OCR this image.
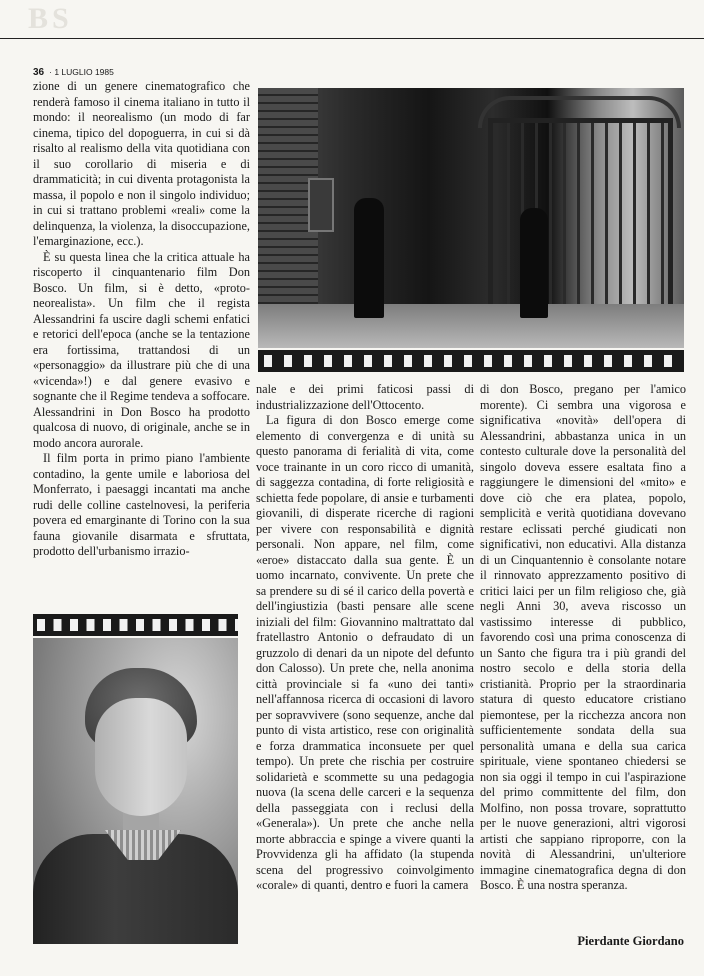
BS
36 · 1 LUGLIO 1985

zione di un genere cinematografico che renderà famoso il cinema italiano in tutto il mondo: il neorealismo (un modo di far cinema, tipico del dopoguerra, in cui si dà risalto al realismo della vita quotidiana con il suo corollario di miseria e di drammaticità; in cui diventa protagonista la massa, il popolo e non il singolo individuo; in cui si trattano problemi «reali» come la delinquenza, la violenza, la disoccupazione, l'emarginazione, ecc.).

È su questa linea che la critica attuale ha riscoperto il cinquantenario film Don Bosco. Un film, si è detto, «proto-neorealista». Un film che il regista Alessandrini fa uscire dagli schemi enfatici e retorici dell'epoca (anche se la tentazione era fortissima, trattandosi di un «personaggio» da illustrare più che di una «vicenda»!) e dal genere evasivo e sognante che il Regime tendeva a soffocare. Alessandrini in Don Bosco ha prodotto qualcosa di nuovo, di originale, anche se in modo ancora aurorale.

Il film porta in primo piano l'ambiente contadino, la gente umile e laboriosa del Monferrato, i paesaggi incantati ma anche rudi delle colline castelnovesi, la periferia povera ed emarginante di Torino con la sua fauna giovanile disarmata e sfruttata, prodotto dell'urbanismo irrazio-

nale e dei primi faticosi passi di industrializzazione dell'Ottocento.

La figura di don Bosco emerge come elemento di convergenza e di unità su questo panorama di ferialità di vita, come voce trainante in un coro ricco di umanità, di saggezza contadina, di forte religiosità e schietta fede popolare, di ansie e turbamenti giovanili, di disperate ricerche di ragioni per vivere con responsabilità e dignità personali. Non appare, nel film, come «eroe» distaccato dalla sua gente. È un uomo incarnato, convivente. Un prete che sa prendere su di sé il carico della povertà e dell'ingiustizia (basti pensare alle scene iniziali del film: Giovannino maltrattato dal fratellastro Antonio o defraudato di un gruzzolo di denari da un nipote del defunto don Calosso). Un prete che, nella anonima città provinciale si fa «uno dei tanti» nell'affannosa ricerca di occasioni di lavoro per sopravvivere (sono sequenze, anche dal punto di vista artistico, rese con originalità e forza drammatica inconsuete per quel tempo). Un prete che rischia per costruire solidarietà e scommette su una pedagogia nuova (la scena delle carceri e la sequenza della passeggiata con i reclusi della «Generala»). Un prete che anche nella morte abbraccia e spinge a vivere quanti la Provvidenza gli ha affidato (la stupenda scena del progressivo coinvolgimento «corale» di quanti, dentro e fuori la camera

di don Bosco, pregano per l'amico morente). Ci sembra una vigorosa e significativa «novità» dell'opera di Alessandrini, abbastanza unica in un contesto culturale dove la personalità del singolo doveva essere esaltata fino a raggiungere le dimensioni del «mito» e dove ciò che era platea, popolo, semplicità e verità quotidiana dovevano restare eclissati perché giudicati non significativi, non educativi. Alla distanza di un Cinquantennio è consolante notare il rinnovato apprezzamento positivo di critici laici per un film religioso che, già negli Anni 30, aveva riscosso un vastissimo interesse di pubblico, favorendo così una prima conoscenza di un Santo che figura tra i più grandi del nostro secolo e della storia della cristianità. Proprio per la straordinaria statura di questo educatore cristiano piemontese, per la ricchezza ancora non sufficientemente sondata della sua personalità umana e della sua carica spirituale, viene spontaneo chiedersi se non sia oggi il tempo in cui l'aspirazione del primo committente del film, don Molfino, non possa trovare, soprattutto per le nuove generazioni, altri vigorosi artisti che sappiano riproporre, con la novità di Alessandrini, un'ulteriore immagine cinematografica degna di don Bosco. È una nostra speranza.

Pierdante Giordano
